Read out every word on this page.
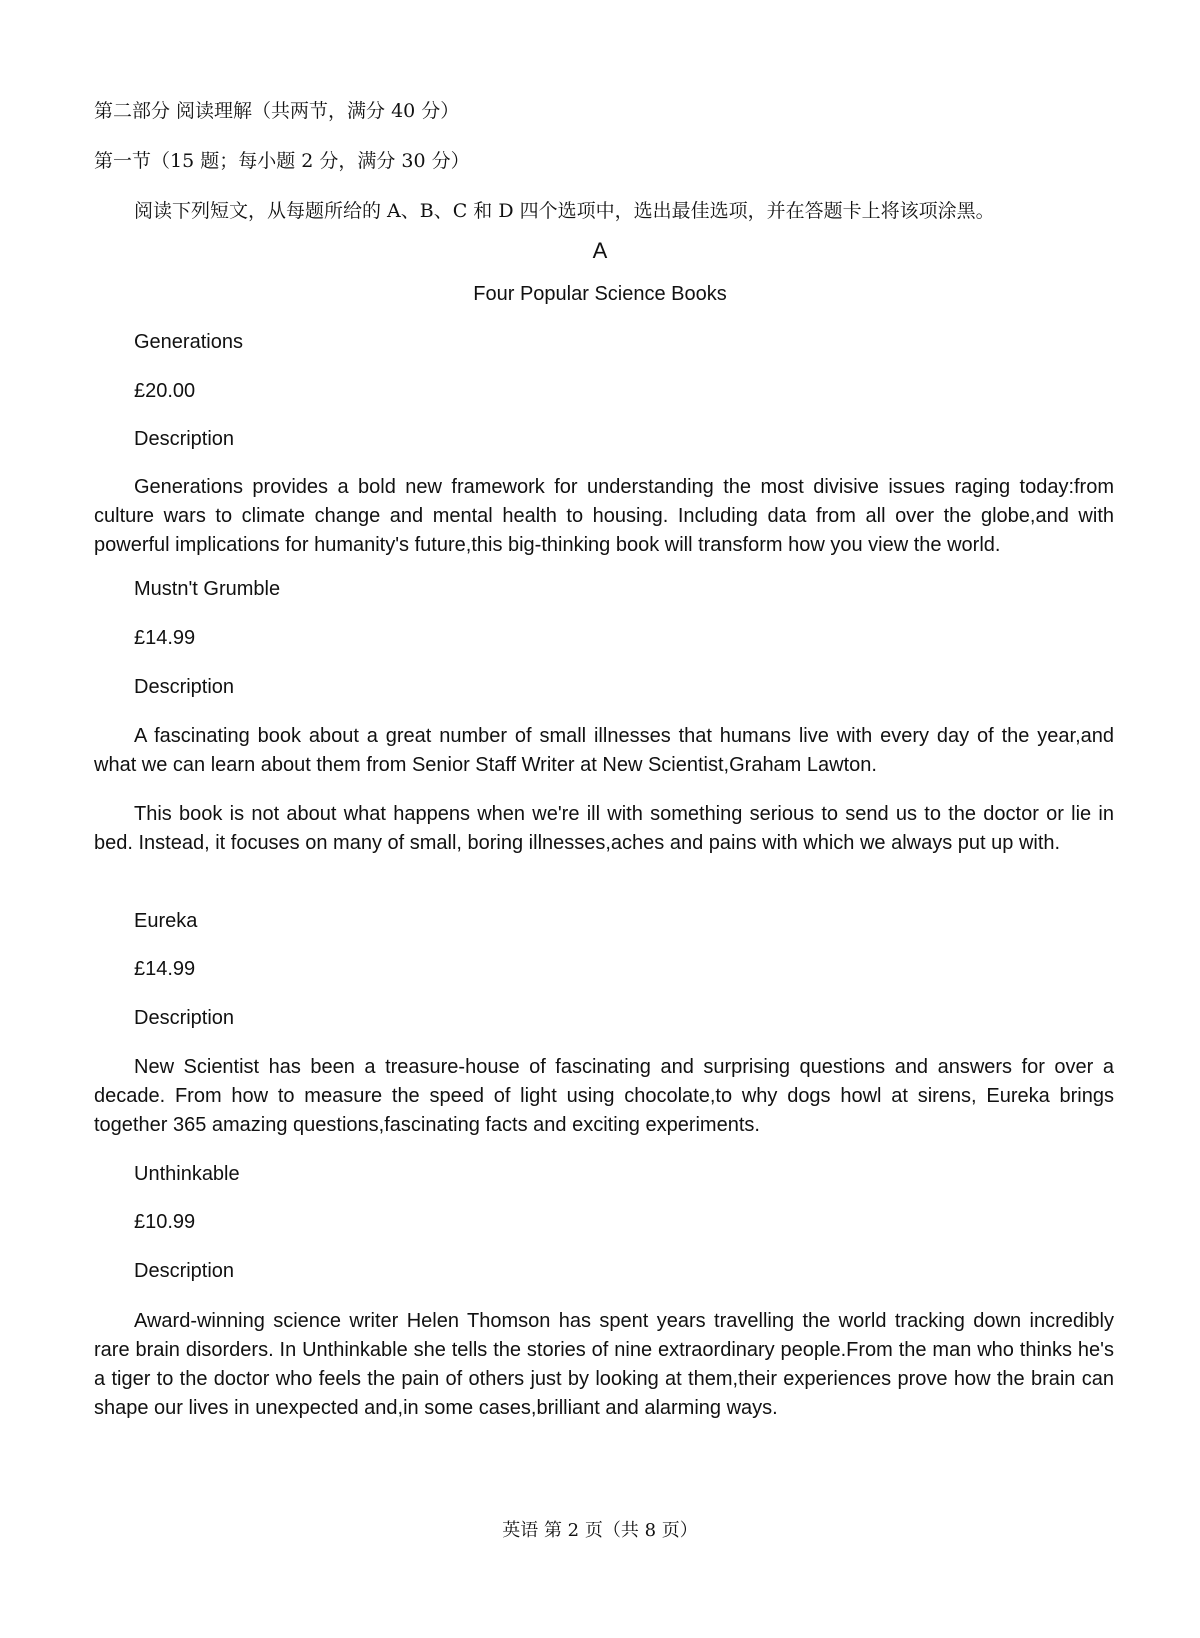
第二部分 阅读理解（共两节，满分 40 分）
第一节（15 题；每小题 2 分，满分 30 分）
阅读下列短文，从每题所给的 A、B、C 和 D 四个选项中，选出最佳选项，并在答题卡上将该项涂黑。
A
Four Popular Science Books
Generations
£20.00
Description
Generations provides a bold new framework for understanding the most divisive issues raging today:from culture wars to climate change and mental health to housing. Including data from all over the globe,and with powerful implications for humanity's future,this big-thinking book will transform how you view the world.
Mustn't Grumble
£14.99
Description
A fascinating book about a great number of small illnesses that humans live with every day of the year,and what we can learn about them from Senior Staff Writer at New Scientist,Graham Lawton.
This book is not about what happens when we're ill with something serious to send us to the doctor or lie in bed. Instead, it focuses on many of small, boring illnesses,aches and pains with which we always put up with.
Eureka
£14.99
Description
New Scientist has been a treasure-house of fascinating and surprising questions and answers for over a decade. From how to measure the speed of light using chocolate,to why dogs howl at sirens, Eureka brings together 365 amazing questions,fascinating facts and exciting experiments.
Unthinkable
£10.99
Description
Award-winning science writer Helen Thomson has spent years travelling the world tracking down incredibly rare brain disorders. In Unthinkable she tells the stories of nine extraordinary people.From the man who thinks he's a tiger to the doctor who feels the pain of others just by looking at them,their experiences prove how the brain can shape our lives in unexpected and,in some cases,brilliant and alarming ways.
英语 第 2 页（共 8 页）
